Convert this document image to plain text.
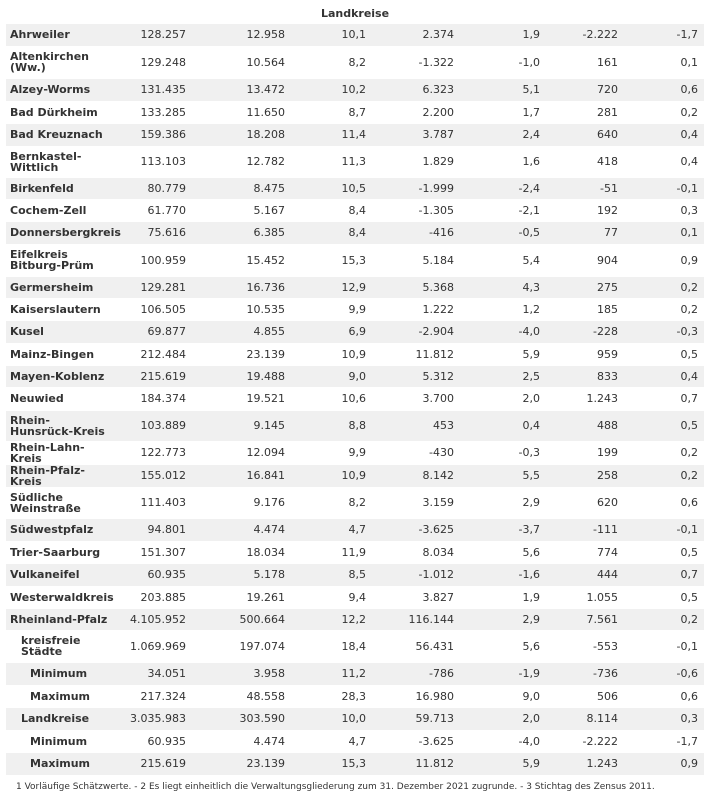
Landkreise
Ahrweiler	128.257	12.958	10,1	2.374	1,9	-2.222	-1,7
Altenkirchen (Ww.)	129.248	10.564	8,2	-1.322	-1,0	161	0,1
Alzey-Worms	131.435	13.472	10,2	6.323	5,1	720	0,6
Bad Dürkheim	133.285	11.650	8,7	2.200	1,7	281	0,2
Bad Kreuznach	159.386	18.208	11,4	3.787	2,4	640	0,4
Bernkastel-Wittlich	113.103	12.782	11,3	1.829	1,6	418	0,4
Birkenfeld	80.779	8.475	10,5	-1.999	-2,4	-51	-0,1
Cochem-Zell	61.770	5.167	8,4	-1.305	-2,1	192	0,3
Donnersbergkreis	75.616	6.385	8,4	-416	-0,5	77	0,1
Eifelkreis Bitburg-Prüm	100.959	15.452	15,3	5.184	5,4	904	0,9
Germersheim	129.281	16.736	12,9	5.368	4,3	275	0,2
Kaiserslautern	106.505	10.535	9,9	1.222	1,2	185	0,2
Kusel	69.877	4.855	6,9	-2.904	-4,0	-228	-0,3
Mainz-Bingen	212.484	23.139	10,9	11.812	5,9	959	0,5
Mayen-Koblenz	215.619	19.488	9,0	5.312	2,5	833	0,4
Neuwied	184.374	19.521	10,6	3.700	2,0	1.243	0,7
Rhein-Hunsrück-Kreis	103.889	9.145	8,8	453	0,4	488	0,5
Rhein-Lahn-Kreis	122.773	12.094	9,9	-430	-0,3	199	0,2
Rhein-Pfalz-Kreis	155.012	16.841	10,9	8.142	5,5	258	0,2
Südliche Weinstraße	111.403	9.176	8,2	3.159	2,9	620	0,6
Südwestpfalz	94.801	4.474	4,7	-3.625	-3,7	-111	-0,1
Trier-Saarburg	151.307	18.034	11,9	8.034	5,6	774	0,5
Vulkaneifel	60.935	5.178	8,5	-1.012	-1,6	444	0,7
Westerwaldkreis	203.885	19.261	9,4	3.827	1,9	1.055	0,5
Rheinland-Pfalz	4.105.952	500.664	12,2	116.144	2,9	7.561	0,2
kreisfreie Städte	1.069.969	197.074	18,4	56.431	5,6	-553	-0,1
Minimum	34.051	3.958	11,2	-786	-1,9	-736	-0,6
Maximum	217.324	48.558	28,3	16.980	9,0	506	0,6
Landkreise	3.035.983	303.590	10,0	59.713	2,0	8.114	0,3
Minimum	60.935	4.474	4,7	-3.625	-4,0	-2.222	-1,7
Maximum	215.619	23.139	15,3	11.812	5,9	1.243	0,9
1 Vorläufige Schätzwerte. - 2 Es liegt einheitlich die Verwaltungsgliederung zum 31. Dezember 2021 zugrunde. - 3 Stichtag des Zensus 2011.
